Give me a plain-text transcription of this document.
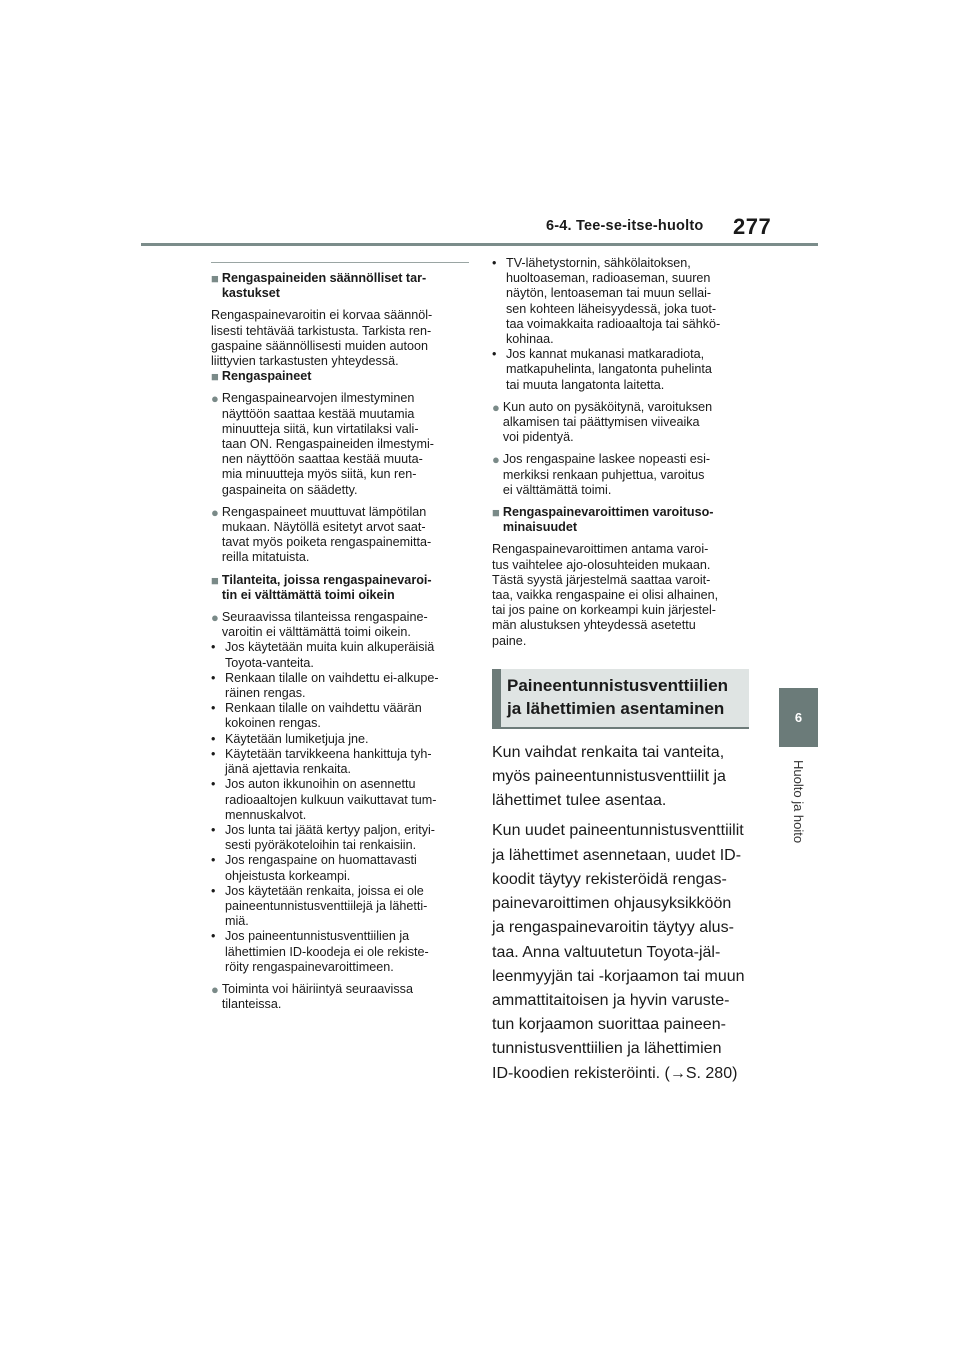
6-4. Tee-se-itse-huolto 277
6
Huolto ja hoito
■ Rengaspaineiden säännölliset tar-
kastukset

Rengaspainevaroitin ei korvaa säännöl-
lisesti tehtävää tarkistusta. Tarkista ren-
gaspaine säännöllisesti muiden autoon
liittyvien tarkastusten yhteydessä.

■ Rengaspaineet
● Rengaspainearvojen ilmestyminen
näyttöön saattaa kestää muutamia
minuutteja siitä, kun virtatilaksi vali-
taan ON. Rengaspaineiden ilmestymi-
nen näyttöön saattaa kestää muuta-
mia minuutteja myös siitä, kun ren-
gaspaineita on säädetty.
● Rengaspaineet muuttuvat lämpötilan
mukaan. Näytöllä esitetyt arvot saat-
tavat myös poiketa rengaspainemitta-
reilla mitatuista.
■ Tilanteita, joissa rengaspainevaroi-
tin ei välttämättä toimi oikein
● Seuraavissa tilanteissa rengaspaine-
varoitin ei välttämättä toimi oikein.
• Jos käytetään muita kuin alkuperäisiä
Toyota-vanteita.
• Renkaan tilalle on vaihdettu ei-alkupe-
räinen rengas.
• Renkaan tilalle on vaihdettu väärän
kokoinen rengas.
• Käytetään lumiketjuja jne.
• Käytetään tarvikkeena hankittuja tyh-
jänä ajettavia renkaita.
• Jos auton ikkunoihin on asennettu
radioaaltojen kulkuun vaikuttavat tum-
mennuskalvot.
• Jos lunta tai jäätä kertyy paljon, erityi-
sesti pyöräkoteloihin tai renkaisiin.
• Jos rengaspaine on huomattavasti
ohjeistusta korkeampi.
• Jos käytetään renkaita, joissa ei ole
paineentunnistusventtiilejä ja lähetti-
miä.
• Jos paineentunnistusventtiilien ja
lähettimien ID-koodeja ei ole rekiste-
röity rengaspainevaroittimeen.
● Toiminta voi häiriintyä seuraavissa
tilanteissa.
• TV-lähetystornin, sähkölaitoksen,
huoltoaseman, radioaseman, suuren
näytön, lentoaseman tai muun sellai-
sen kohteen läheisyydessä, joka tuot-
taa voimakkaita radioaaltoja tai sähkö-
kohinaa.
• Jos kannat mukanasi matkaradiota,
matkapuhelinta, langatonta puhelinta
tai muuta langatonta laitetta.
● Kun auto on pysäköitynä, varoituksen
alkamisen tai päättymisen viiveaika
voi pidentyä.
● Jos rengaspaine laskee nopeasti esi-
merkiksi renkaan puhjettua, varoitus
ei välttämättä toimi.
■ Rengaspainevaroittimen varoituso-
minaisuudet

Rengaspainevaroittimen antama varoi-
tus vaihtelee ajo-olosuhteiden mukaan.
Tästä syystä järjestelmä saattaa varoit-
taa, vaikka rengaspaine ei olisi alhainen,
tai jos paine on korkeampi kuin järjestel-
män alustuksen yhteydessä asetettu
paine.

Paineentunnistusventtiilien
ja lähettimien asentaminen

Kun vaihdat renkaita tai vanteita,
myös paineentunnistusventtiilit ja
lähettimet tulee asentaa.

Kun uudet paineentunnistusventtiilit
ja lähettimet asennetaan, uudet ID-
koodit täytyy rekisteröidä rengas-
painevaroittimen ohjausyksikköön
ja rengaspainevaroitin täytyy alus-
taa. Anna valtuutetun Toyota-jäl-
leenmyyjän tai -korjaamon tai muun
ammattitaitoisen ja hyvin varuste-
tun korjaamon suorittaa paineen-
tunnistusventtiilien ja lähettimien
ID-koodien rekisteröinti. (→S. 280)
